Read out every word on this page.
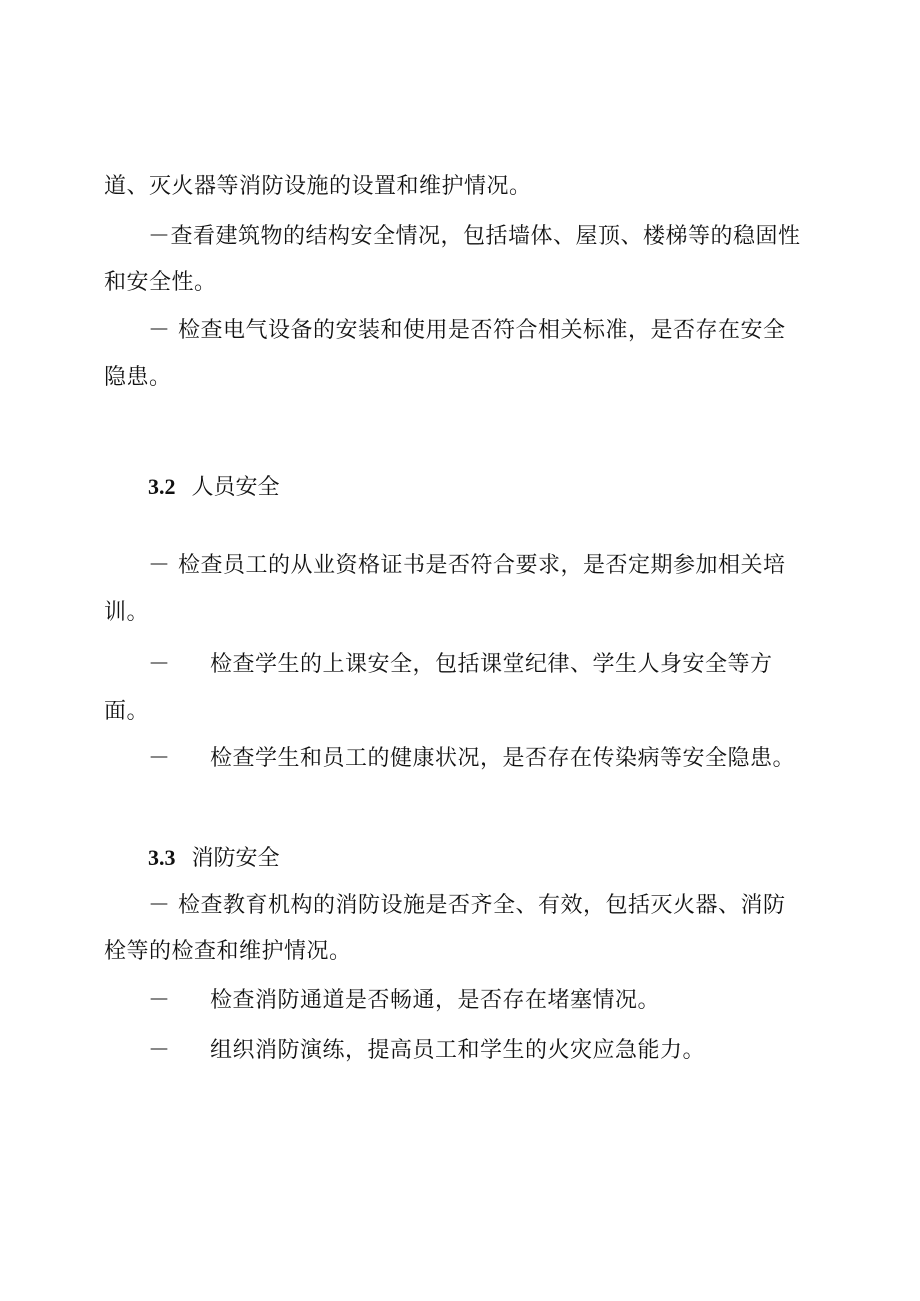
道、灭火器等消防设施的设置和维护情况。
－查看建筑物的结构安全情况，包括墙体、屋顶、楼梯等的稳固性
和安全性。
－ 检查电气设备的安装和使用是否符合相关标准，是否存在安全
隐患。
3.2 人员安全
－ 检查员工的从业资格证书是否符合要求，是否定期参加相关培
训。
－ 检查学生的上课安全，包括课堂纪律、学生人身安全等方
面。
－ 检查学生和员工的健康状况，是否存在传染病等安全隐患。
3.3 消防安全
－ 检查教育机构的消防设施是否齐全、有效，包括灭火器、消防
栓等的检查和维护情况。
－ 检查消防通道是否畅通，是否存在堵塞情况。
－ 组织消防演练，提高员工和学生的火灾应急能力。
